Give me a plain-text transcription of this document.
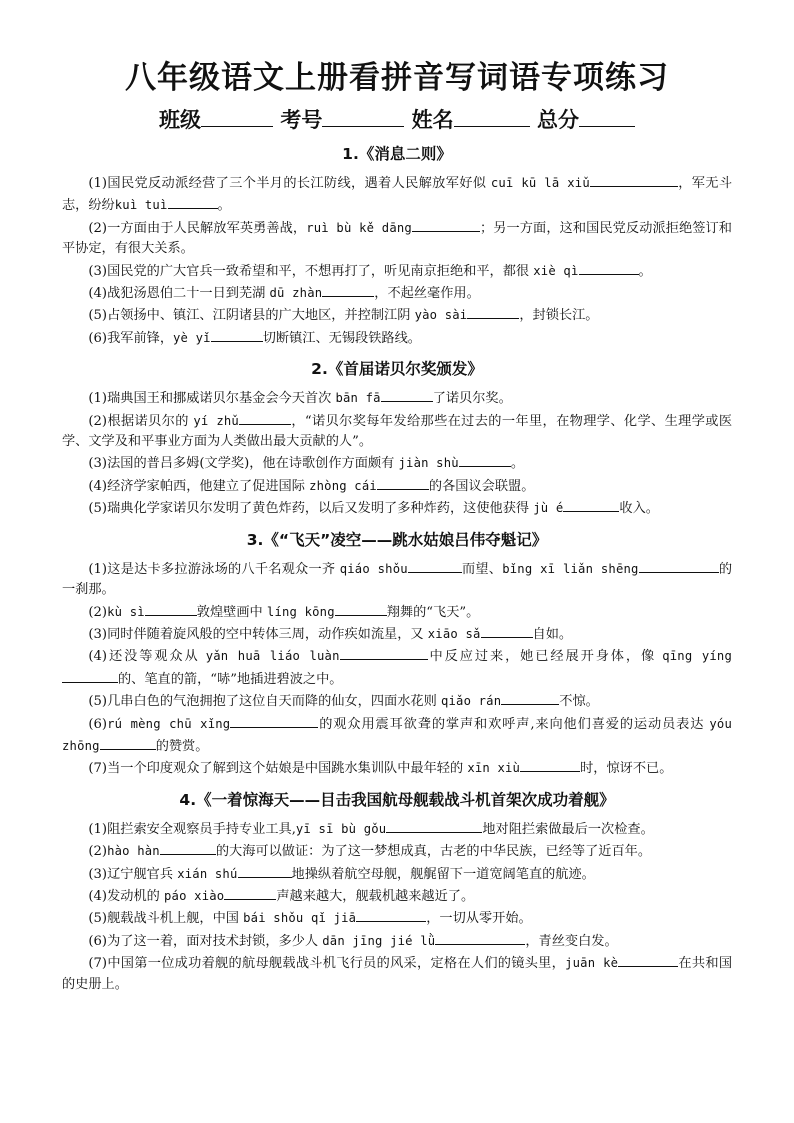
八年级语文上册看拼音写词语专项练习
班级	考号	姓名	总分
1.《消息二则》

(1)国民党反动派经营了三个半月的长江防线，遇着人民解放军好似 cuī kū lā xiǔ	，军无斗志，纷纷kuì tuì	。

(2)一方面由于人民解放军英勇善战，ruì bù kě dāng	；另一方面，这和国民党反动派拒绝签订和平协定，有很大关系。

(3)国民党的广大官兵一致希望和平，不想再打了，听见南京拒绝和平，都很 xiè qì	。

(4)战犯汤恩伯二十一日到芜湖 dū zhàn	，不起丝毫作用。

(5)占领扬中、镇江、江阴诸县的广大地区，并控制江阴 yào sài	，封锁长江。

(6)我军前锋，yè yǐ	切断镇江、无锡段铁路线。

2.《首届诺贝尔奖颁发》

(1)瑞典国王和挪威诺贝尔基金会今天首次 bān fā	了诺贝尔奖。

(2)根据诺贝尔的 yí zhǔ	，“诺贝尔奖每年发给那些在过去的一年里，在物理学、化学、生理学或医学、文学及和平事业方面为人类做出最大贡献的人”。

(3)法国的普吕多姆(文学奖)，他在诗歌创作方面颇有 jiàn shù	。

(4)经济学家帕西，他建立了促进国际 zhòng cái	的各国议会联盟。

(5)瑞典化学家诺贝尔发明了黄色炸药，以后又发明了多种炸药，这使他获得 jù é	收入。

3.《“飞天”凌空——跳水姑娘吕伟夺魁记》

(1)这是达卡多拉游泳场的八千名观众一齐 qiáo shǒu	而望、bǐng xī liǎn shēng	的一刹那。

(2)kù sì	敦煌壁画中 líng kōng	翔舞的“飞天”。

(3)同时伴随着旋风般的空中转体三周，动作疾如流星，又 xiāo sǎ	自如。

(4)还没等观众从 yǎn huā liáo luàn	中反应过来，她已经展开身体，像 qīng yíng的、笔直的箭，“哧”地插进碧波之中。

(5)几串白色的气泡拥抱了这位自天而降的仙女，四面水花则 qiǎo rán	不惊。

(6)rú mèng chū xǐng	的观众用震耳欲聋的掌声和欢呼声,来向他们喜爱的运动员表达 yóu zhōng	的赞赏。

(7)当一个印度观众了解到这个姑娘是中国跳水集训队中最年轻的 xīn xiù	时，惊讶不已。

4.《一着惊海天——目击我国航母舰载战斗机首架次成功着舰》

(1)阻拦索安全观察员手持专业工具,yī sī bù gǒu	地对阻拦索做最后一次检查。

(2)hào hàn	的大海可以做证：为了这一梦想成真，古老的中华民族，已经等了近百年。

(3)辽宁舰官兵 xián shú	地操纵着航空母舰，舰艉留下一道宽阔笔直的航迹。

(4)发动机的 páo xiào	声越来越大，舰载机越来越近了。

(5)舰载战斗机上舰，中国 bái shǒu qǐ jiā	，一切从零开始。

(6)为了这一着，面对技术封锁，多少人 dān jīng jié lǜ	，青丝变白发。

(7)中国第一位成功着舰的航母舰载战斗机飞行员的风采，定格在人们的镜头里，juān kè	在共和国的史册上。
